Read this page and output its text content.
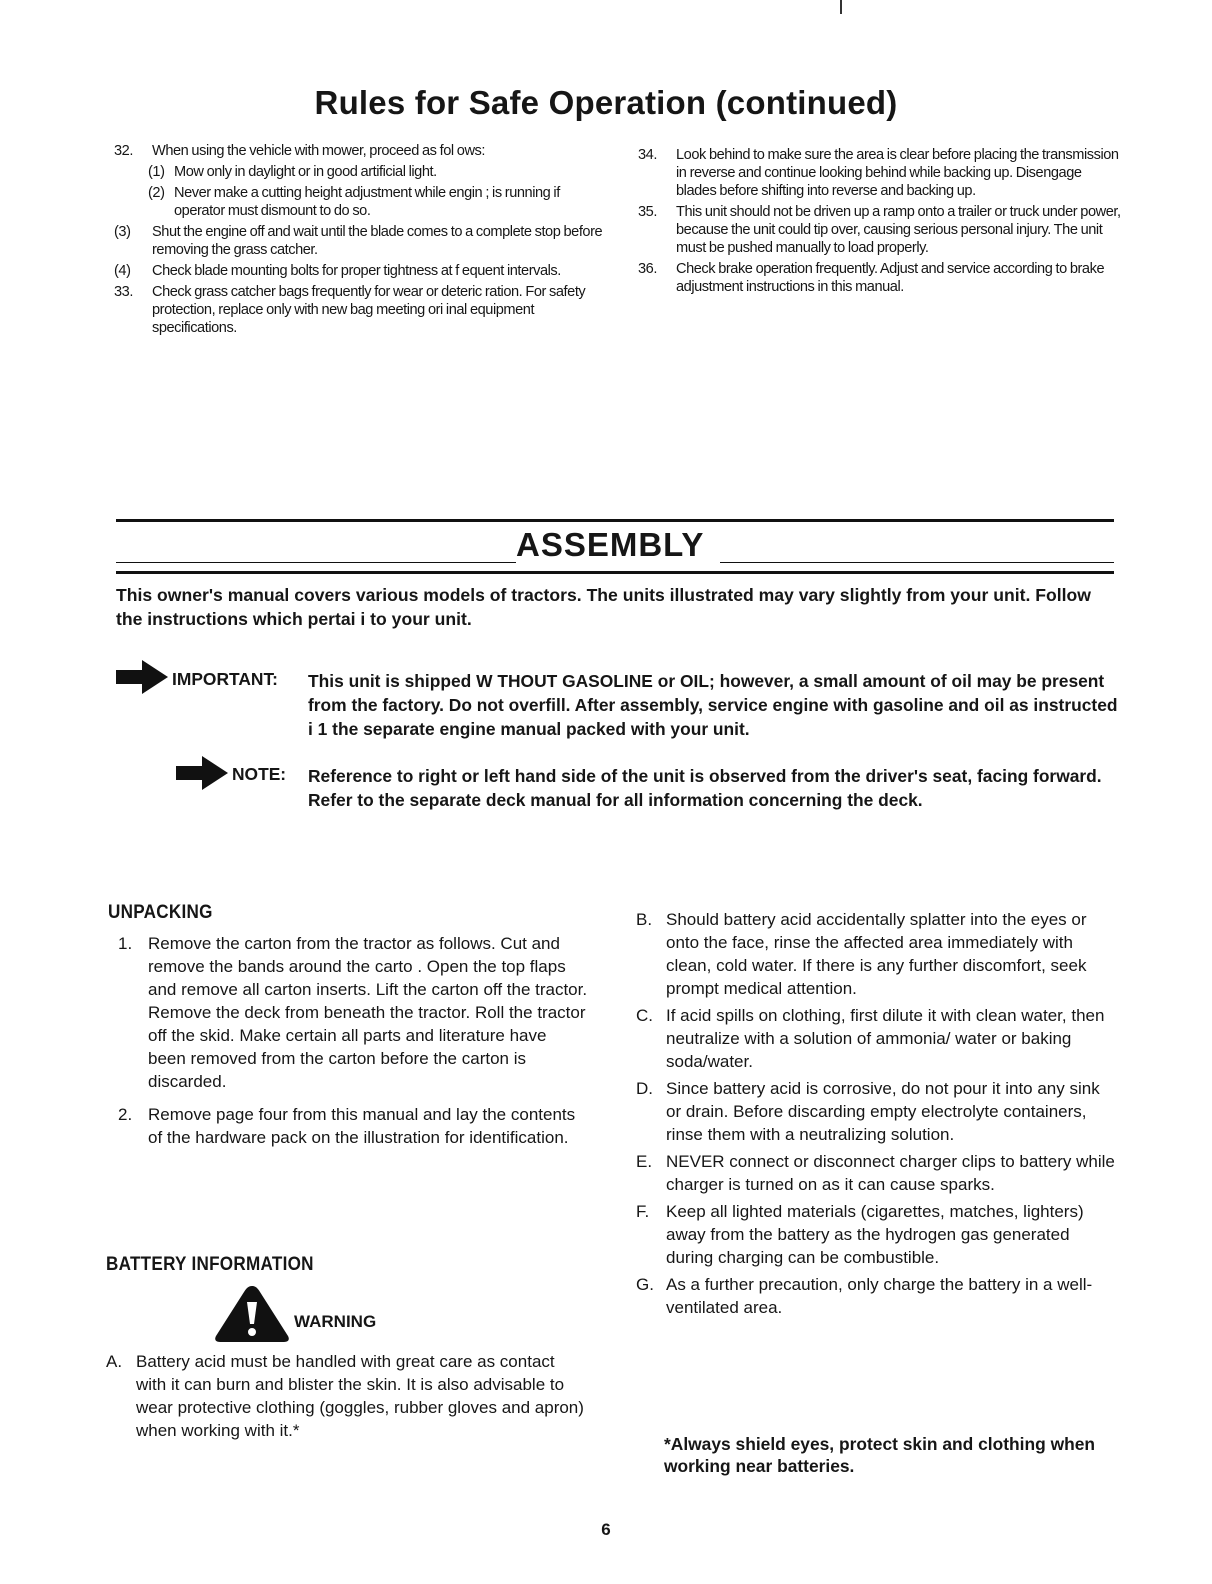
Rules for Safe Operation (continued)
32. When using the vehicle with mower, proceed as fol ows:
(1) Mow only in daylight or in good artificial light.
(2) Never make a cutting height adjustment while engin ; is running if operator must dismount to do so.
(3) Shut the engine off and wait until the blade comes to a complete stop before removing the grass catcher.
(4) Check blade mounting bolts for proper tightness at f equent intervals.
33. Check grass catcher bags frequently for wear or deteric ration. For safety protection, replace only with new bag meeting ori inal equipment specifications.
34. Look behind to make sure the area is clear before placing the transmission in reverse and continue looking behind while backing up. Disengage blades before shifting into reverse and backing up.
35. This unit should not be driven up a ramp onto a trailer or truck under power, because the unit could tip over, causing serious personal injury. The unit must be pushed manually to load properly.
36. Check brake operation frequently. Adjust and service according to brake adjustment instructions in this manual.
ASSEMBLY
This owner's manual covers various models of tractors. The units illustrated may vary slightly from your unit. Follow the instructions which pertai i to your unit.
IMPORTANT: This unit is shipped W THOUT GASOLINE or OIL; however, a small amount of oil may be present from the factory. Do not overfill. After assembly, service engine with gasoline and oil as instructed i 1 the separate engine manual packed with your unit.
NOTE: Reference to right or left hand side of the unit is observed from the driver's seat, facing forward. Refer to the separate deck manual for all information concerning the deck.
UNPACKING
1. Remove the carton from the tractor as follows. Cut and remove the bands around the carto . Open the top flaps and remove all carton inserts. Lift the carton off the tractor. Remove the deck from beneath the tractor. Roll the tractor off the skid. Make certain all parts and literature have been removed from the carton before the carton is discarded.
2. Remove page four from this manual and lay the contents of the hardware pack on the illustration for identification.
BATTERY INFORMATION
WARNING
A. Battery acid must be handled with great care as contact with it can burn and blister the skin. It is also advisable to wear protective clothing (goggles, rubber gloves and apron) when working with it.*
B. Should battery acid accidentally splatter into the eyes or onto the face, rinse the affected area immediately with clean, cold water. If there is any further discomfort, seek prompt medical attention.
C. If acid spills on clothing, first dilute it with clean water, then neutralize with a solution of ammonia/ water or baking soda/water.
D. Since battery acid is corrosive, do not pour it into any sink or drain. Before discarding empty electrolyte containers, rinse them with a neutralizing solution.
E. NEVER connect or disconnect charger clips to battery while charger is turned on as it can cause sparks.
F. Keep all lighted materials (cigarettes, matches, lighters) away from the battery as the hydrogen gas generated during charging can be combustible.
G. As a further precaution, only charge the battery in a well-ventilated area.
*Always shield eyes, protect skin and clothing when working near batteries.
6
